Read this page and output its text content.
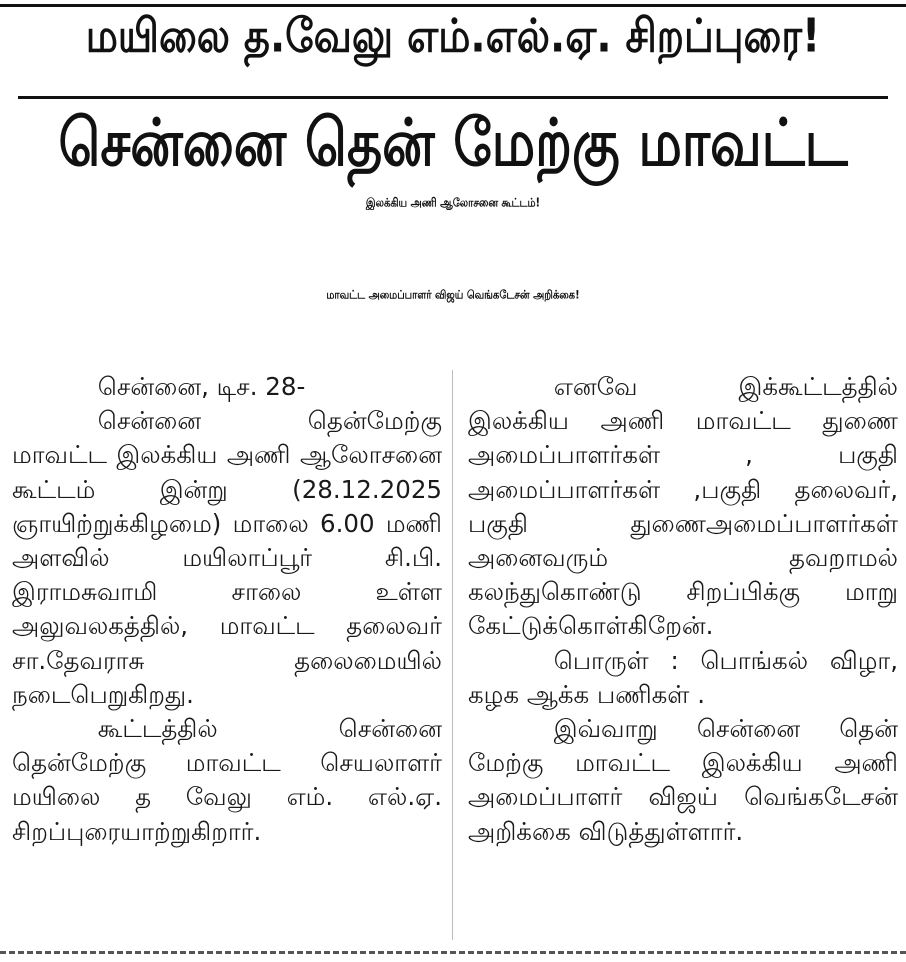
மயிலை த.வேலு எம்.எல்.ஏ. சிறப்புரை!
சென்னை தென் மேற்கு மாவட்ட
இலக்கிய அணி ஆலோசனை கூட்டம்!
மாவட்ட அமைப்பாளர் விஜய் வெங்கடேசன் அறிக்கை!

சென்னை, டிச. 28-

சென்னை தென்மேற்கு மாவட்ட இலக்கிய அணி ஆலோசனை கூட்டம் இன்று (28.12.2025 ஞாயிற்றுக்கிழமை) மாலை 6.00 மணி அளவில் மயிலாப்பூர் சி.பி. இராமசுவாமி சாலை உள்ள அலுவலகத்தில், மாவட்ட தலைவர் சா.தேவராசு தலைமையில் நடைபெறுகிறது.

கூட்டத்தில் சென்னை தென்மேற்கு மாவட்ட செயலாளர் மயிலை த வேலு எம். எல்.ஏ. சிறப்புரையாற்றுகிறார்.

எனவே இக்கூட்டத்தில் இலக்கிய அணி மாவட்ட துணை அமைப்பாளர்கள் , பகுதி அமைப்பாளர்கள் ,பகுதி தலைவர், பகுதி துணைஅமைப்பாளர்கள் அனைவரும் தவறாமல் கலந்துகொண்டு சிறப்பிக்கு மாறு கேட்டுக்கொள்கிறேன்.

பொருள் : பொங்கல் விழா, கழக ஆக்க பணிகள் .

இவ்வாறு சென்னை தென் மேற்கு மாவட்ட இலக்கிய அணி அமைப்பாளர் விஜய் வெங்கடேசன் அறிக்கை விடுத்துள்ளார்.
